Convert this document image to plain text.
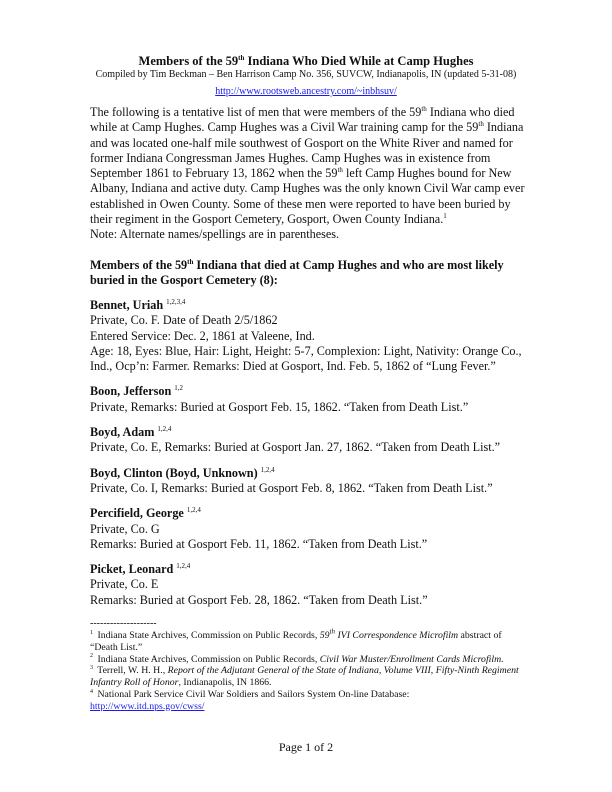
Members of the 59th Indiana Who Died While at Camp Hughes
Compiled by Tim Beckman – Ben Harrison Camp No. 356, SUVCW, Indianapolis, IN (updated 5-31-08)
http://www.rootsweb.ancestry.com/~inbhsuv/

The following is a tentative list of men that were members of the 59th Indiana who died while at Camp Hughes. Camp Hughes was a Civil War training camp for the 59th Indiana and was located one-half mile southwest of Gosport on the White River and named for former Indiana Congressman James Hughes. Camp Hughes was in existence from September 1861 to February 13, 1862 when the 59th left Camp Hughes bound for New Albany, Indiana and active duty. Camp Hughes was the only known Civil War camp ever established in Owen County. Some of these men were reported to have been buried by their regiment in the Gosport Cemetery, Gosport, Owen County Indiana.$^1$

Note: Alternate names/spellings are in parentheses.

Members of the 59th Indiana that died at Camp Hughes and who are most likely buried in the Gosport Cemetery (8):
Bennet, Uriah $^{1,2,3,4}$
Private, Co. F. Date of Death 2/5/1862
Entered Service: Dec. 2, 1861 at Valeene, Ind.
Age: 18, Eyes: Blue, Hair: Light, Height: 5-7, Complexion: Light, Nativity: Orange Co., Ind., Ocp’n: Farmer. Remarks: Died at Gosport, Ind. Feb. 5, 1862 of “Lung Fever.”
Boon, Jefferson $^{1,2}$
Private, Remarks: Buried at Gosport Feb. 15, 1862. “Taken from Death List.”
Boyd, Adam $^{1,2,4}$
Private, Co. E, Remarks: Buried at Gosport Jan. 27, 1862. “Taken from Death List.”
Boyd, Clinton (Boyd, Unknown) $^{1,2,4}$
Private, Co. I, Remarks: Buried at Gosport Feb. 8, 1862. “Taken from Death List.”
Percifield, George $^{1,2,4}$
Private, Co. G
Remarks: Buried at Gosport Feb. 11, 1862. “Taken from Death List.”
Picket, Leonard $^{1,2,4}$
Private, Co. E
Remarks: Buried at Gosport Feb. 28, 1862. “Taken from Death List.”
--------------------

$^1$ Indiana State Archives, Commission on Public Records, 59th IVI Correspondence Microfilm abstract of “Death List.”

$^2$ Indiana State Archives, Commission on Public Records, Civil War Muster/Enrollment Cards Microfilm.

$^3$ Terrell, W. H. H., Report of the Adjutant General of the State of Indiana, Volume VIII, Fifty-Ninth Regiment Infantry Roll of Honor, Indianapolis, IN 1866.

$^4$ National Park Service Civil War Soldiers and Sailors System On-line Database:
http://www.itd.nps.gov/cwss/

Page 1 of 2
